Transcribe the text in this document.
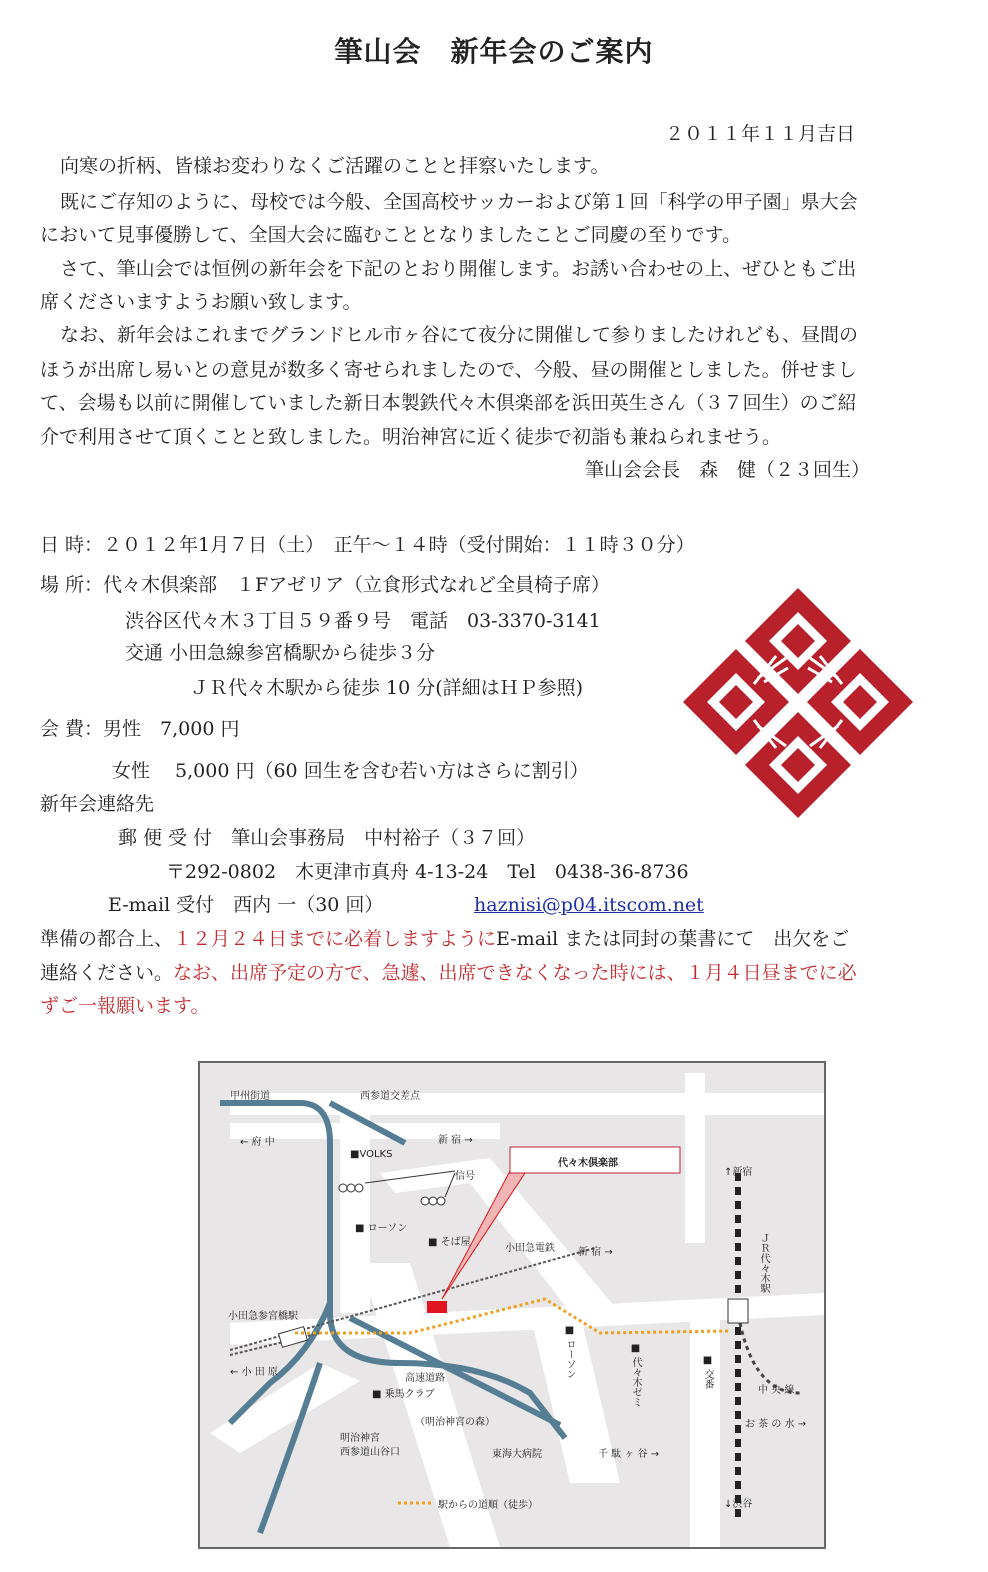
筆山会　新年会のご案内
２０１１年１１月吉日
向寒の折柄、皆様お変わりなくご活躍のことと拝察いたします。
既にご存知のように、母校では今般、全国高校サッカーおよび第１回「科学の甲子園」県大会
において見事優勝して、全国大会に臨むこととなりましたことご同慶の至りです。
さて、筆山会では恒例の新年会を下記のとおり開催します。お誘い合わせの上、ぜひともご出
席くださいますようお願い致します。
なお、新年会はこれまでグランドヒル市ヶ谷にて夜分に開催して参りましたけれども、昼間の
ほうが出席し易いとの意見が数多く寄せられましたので、今般、昼の開催としました。併せまし
て、会場も以前に開催していました新日本製鉄代々木倶楽部を浜田英生さん（３７回生）のご紹
介で利用させて頂くことと致しました。明治神宮に近く徒歩で初詣も兼ねられませう。
筆山会会長　森　健（２３回生）
日 時：２０１２年1月７日（土）　正午～１４時（受付開始：１１時３０分）
場 所：代々木倶楽部　１Fアゼリア（立食形式なれど全員椅子席）
渋谷区代々木３丁目５９番９号　電話　03-3370-3141
交通 小田急線参宮橋駅から徒歩３分
ＪＲ代々木駅から徒歩 10 分(詳細はＨＰ参照)
会 費：男性　7,000 円
女性　 5,000 円（60 回生を含む若い方はさらに割引）
新年会連絡先
郵 便 受 付　筆山会事務局　中村裕子（３７回）
〒292-0802　木更津市真舟 4-13-24　Tel　0438-36-8736
E-mail 受付　西内 一（30 回）	haznisi@p04.itscom.net
準備の都合上、１２月２４日までに必着しますようにE-mail または同封の葉書にて　出欠をご
連絡ください。なお、出席予定の方で、急遽、出席できなくなった時には、１月４日昼までに必
ずご一報願います。
甲州街道	西参道交差点
新 宿 →
← 府 中
■VOLKS
信号
代々木倶楽部
↑新宿
■ ローソン
■ そば屋
小田急電鉄 新 宿 →	ＪＲ代々木駅
小田急参宮橋駅
← 小 田 原
高速道路
■ 乗馬クラブ
■ ローソン	■ 代々木ゼミ	■ 交番
中 央 線
お 茶 の 水 →
（明治神宮の森）
明治神宮
西参道山谷口	東海大病院	千 駄 ヶ 谷 →
↓渋谷
駅からの道順（徒歩）
